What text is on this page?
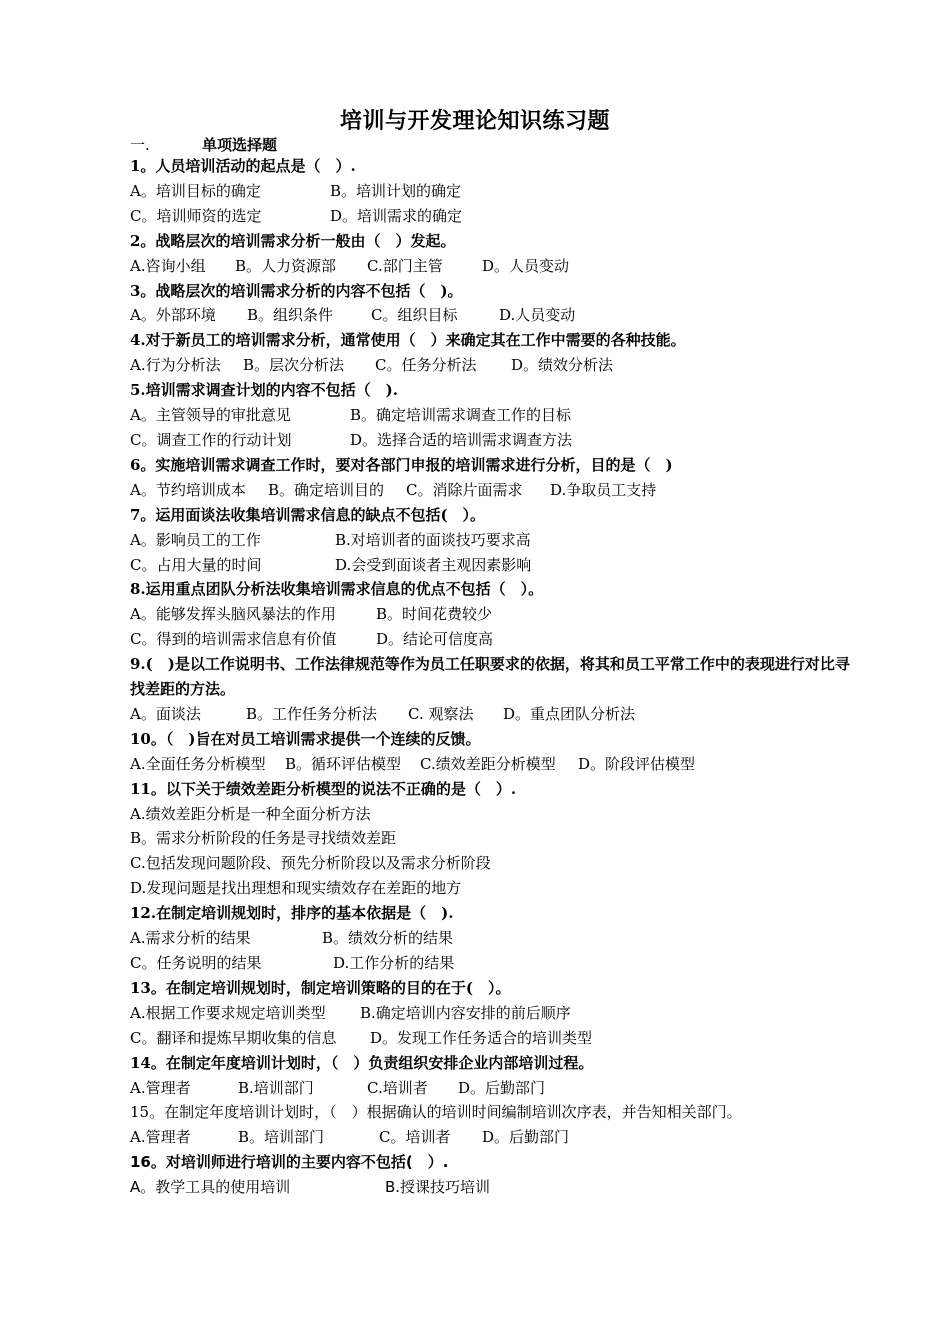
培训与开发理论知识练习题
一.	单项选择题
1。人员培训活动的起点是（　）.
A。培训目标的确定	B。培训计划的确定
C。培训师资的选定	D。培训需求的确定
2。战略层次的培训需求分析一般由（　）发起。
A.咨询小组 B。人力资源部 C.部门主管	D。人员变动
3。战略层次的培训需求分析的内容不包括（　)。
A。外部环境 B。组织条件	C。组织目标	D.人员变动
4.对于新员工的培训需求分析，通常使用（　）来确定其在工作中需要的各种技能。
A.行为分析法 B。层次分析法 C。任务分析法 D。绩效分析法
5.培训需求调查计划的内容不包括（　).
A。主管领导的审批意见	B。确定培训需求调查工作的目标
C。调查工作的行动计划	D。选择合适的培训需求调查方法
6。实施培训需求调查工作时，要对各部门申报的培训需求进行分析，目的是（　)
A。节约培训成本 B。确定培训目的 C。消除片面需求 D.争取员工支持
7。运用面谈法收集培训需求信息的缺点不包括(　）。
A。影响员工的工作	B.对培训者的面谈技巧要求高
C。占用大量的时间	D.会受到面谈者主观因素影响
8.运用重点团队分析法收集培训需求信息的优点不包括（　）。
A。能够发挥头脑风暴法的作用	B。时间花费较少
C。得到的培训需求信息有价值	D。结论可信度高
9.(　)是以工作说明书、工作法律规范等作为员工任职要求的依据，将其和员工平常工作中的表现进行对比寻找差距的方法。
A。面谈法	B。工作任务分析法 C. 观察法 D。重点团队分析法
10。（　)旨在对员工培训需求提供一个连续的反馈。
A.全面任务分析模型 B。循环评估模型 C.绩效差距分析模型 D。阶段评估模型
11。以下关于绩效差距分析模型的说法不正确的是（　）.
A.绩效差距分析是一种全面分析方法
B。需求分析阶段的任务是寻找绩效差距
C.包括发现问题阶段、预先分析阶段以及需求分析阶段
D.发现问题是找出理想和现实绩效存在差距的地方
12.在制定培训规划时，排序的基本依据是（　).
A.需求分析的结果	B。绩效分析的结果
C。任务说明的结果	D.工作分析的结果
13。在制定培训规划时，制定培训策略的目的在于(　）。
A.根据工作要求规定培训类型 B.确定培训内容安排的前后顺序
C。翻译和提炼早期收集的信息 D。发现工作任务适合的培训类型
14。在制定年度培训计划时，（　）负责组织安排企业内部培训过程。
A.管理者	B.培训部门	C.培训者 D。后勤部门
15。在制定年度培训计划时，（　）根据确认的培训时间编制培训次序表，并告知相关部门。
A.管理者	B。培训部门	C。培训者 D。后勤部门
16。对培训师进行培训的主要内容不包括(　）.
A。教学工具的使用培训	B.授课技巧培训
